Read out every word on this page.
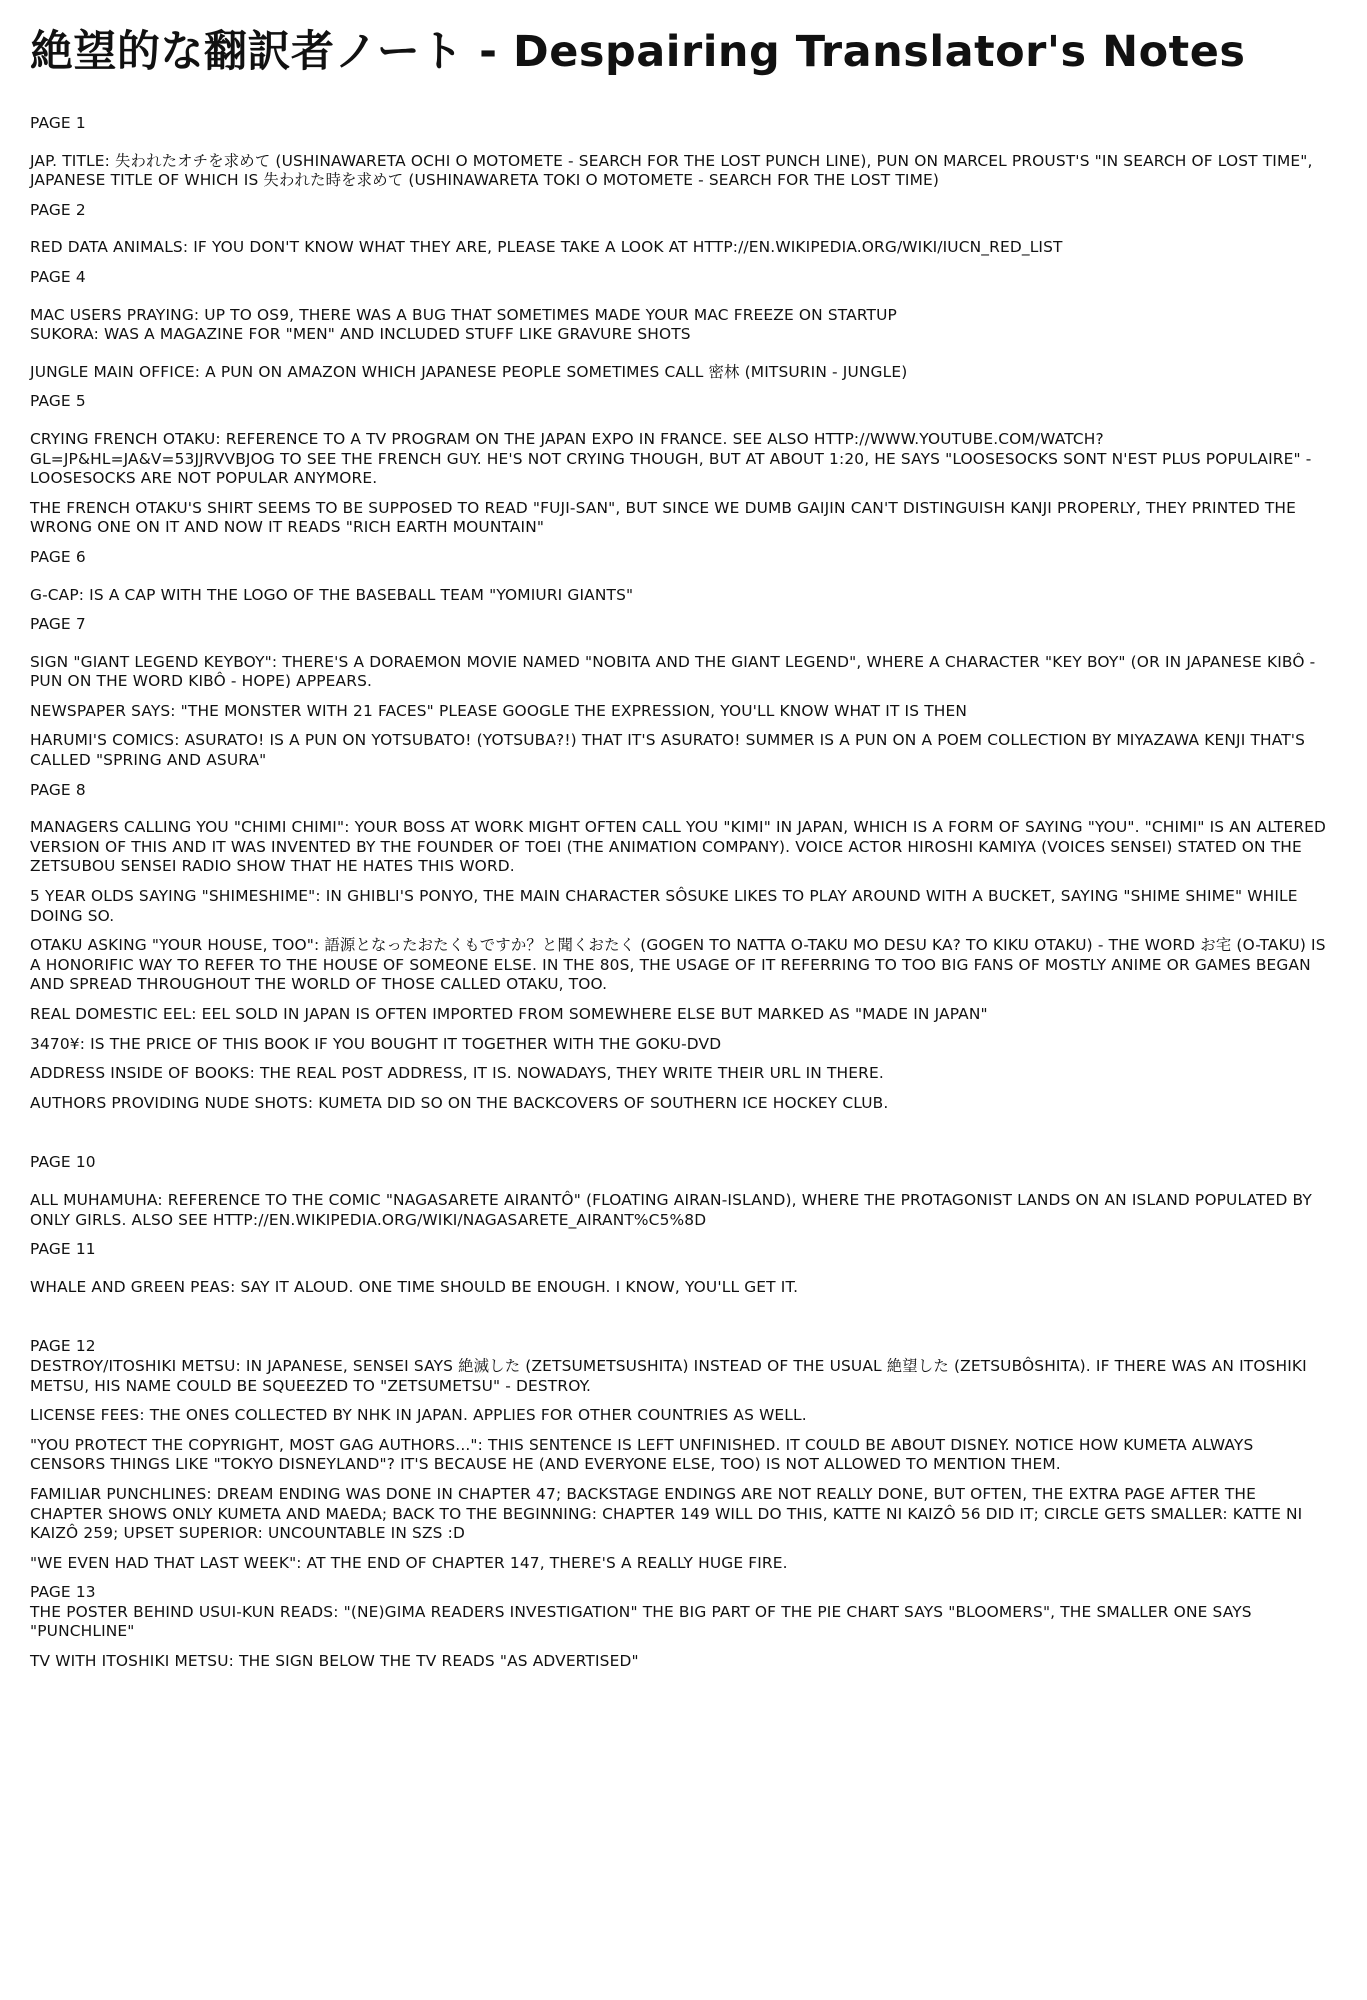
絶望的な翻訳者ノート - Despairing Translator's Notes

PAGE 1

JAP. TITLE: 失われたオチを求めて (USHINAWARETA OCHI O MOTOMETE - SEARCH FOR THE LOST PUNCH LINE), PUN ON MARCEL PROUST'S "IN SEARCH OF LOST TIME", JAPANESE TITLE OF WHICH IS 失われた時を求めて (USHINAWARETA TOKI O MOTOMETE - SEARCH FOR THE LOST TIME)

PAGE 2

RED DATA ANIMALS: IF YOU DON'T KNOW WHAT THEY ARE, PLEASE TAKE A LOOK AT HTTP://EN.WIKIPEDIA.ORG/WIKI/IUCN_RED_LIST

PAGE 4

MAC USERS PRAYING: UP TO OS9, THERE WAS A BUG THAT SOMETIMES MADE YOUR MAC FREEZE ON STARTUP

SUKORA: WAS A MAGAZINE FOR "MEN" AND INCLUDED STUFF LIKE GRAVURE SHOTS

JUNGLE MAIN OFFICE: A PUN ON AMAZON WHICH JAPANESE PEOPLE SOMETIMES CALL 密林 (MITSURIN - JUNGLE)

PAGE 5

CRYING FRENCH OTAKU: REFERENCE TO A TV PROGRAM ON THE JAPAN EXPO IN FRANCE. SEE ALSO HTTP://WWW.YOUTUBE.COM/WATCH?GL=JP&HL=JA&V=53JJRVVBJOG TO SEE THE FRENCH GUY. HE'S NOT CRYING THOUGH, BUT AT ABOUT 1:20, HE SAYS "LOOSESOCKS SONT N'EST PLUS POPULAIRE" - LOOSESOCKS ARE NOT POPULAR ANYMORE.

THE FRENCH OTAKU'S SHIRT SEEMS TO BE SUPPOSED TO READ "FUJI-SAN", BUT SINCE WE DUMB GAIJIN CAN'T DISTINGUISH KANJI PROPERLY, THEY PRINTED THE WRONG ONE ON IT AND NOW IT READS "RICH EARTH MOUNTAIN"

PAGE 6

G-CAP: IS A CAP WITH THE LOGO OF THE BASEBALL TEAM "YOMIURI GIANTS"

PAGE 7

SIGN "GIANT LEGEND KEYBOY": THERE'S A DORAEMON MOVIE NAMED "NOBITA AND THE GIANT LEGEND", WHERE A CHARACTER "KEY BOY" (OR IN JAPANESE KIBÔ - PUN ON THE WORD KIBÔ - HOPE) APPEARS.

NEWSPAPER SAYS: "THE MONSTER WITH 21 FACES" PLEASE GOOGLE THE EXPRESSION, YOU'LL KNOW WHAT IT IS THEN

HARUMI'S COMICS: ASURATO! IS A PUN ON YOTSUBATO! (YOTSUBA?!) THAT IT'S ASURATO! SUMMER IS A PUN ON A POEM COLLECTION BY MIYAZAWA KENJI THAT'S CALLED "SPRING AND ASURA"

PAGE 8

MANAGERS CALLING YOU "CHIMI CHIMI": YOUR BOSS AT WORK MIGHT OFTEN CALL YOU "KIMI" IN JAPAN, WHICH IS A FORM OF SAYING "YOU". "CHIMI" IS AN ALTERED VERSION OF THIS AND IT WAS INVENTED BY THE FOUNDER OF TOEI (THE ANIMATION COMPANY). VOICE ACTOR HIROSHI KAMIYA (VOICES SENSEI) STATED ON THE ZETSUBOU SENSEI RADIO SHOW THAT HE HATES THIS WORD.

5 YEAR OLDS SAYING "SHIMESHIME": IN GHIBLI'S PONYO, THE MAIN CHARACTER SÔSUKE LIKES TO PLAY AROUND WITH A BUCKET, SAYING "SHIME SHIME" WHILE DOING SO.

OTAKU ASKING "YOUR HOUSE, TOO": 語源となったおたくもですか？と聞くおたく (GOGEN TO NATTA O-TAKU MO DESU KA? TO KIKU OTAKU) - THE WORD お宅 (O-TAKU) IS A HONORIFIC WAY TO REFER TO THE HOUSE OF SOMEONE ELSE. IN THE 80S, THE USAGE OF IT REFERRING TO TOO BIG FANS OF MOSTLY ANIME OR GAMES BEGAN AND SPREAD THROUGHOUT THE WORLD OF THOSE CALLED OTAKU, TOO.

REAL DOMESTIC EEL: EEL SOLD IN JAPAN IS OFTEN IMPORTED FROM SOMEWHERE ELSE BUT MARKED AS "MADE IN JAPAN"

3470¥: IS THE PRICE OF THIS BOOK IF YOU BOUGHT IT TOGETHER WITH THE GOKU-DVD

ADDRESS INSIDE OF BOOKS: THE REAL POST ADDRESS, IT IS. NOWADAYS, THEY WRITE THEIR URL IN THERE.

AUTHORS PROVIDING NUDE SHOTS: KUMETA DID SO ON THE BACKCOVERS OF SOUTHERN ICE HOCKEY CLUB.

PAGE 10

ALL MUHAMUHA: REFERENCE TO THE COMIC "NAGASARETE AIRANTÔ" (FLOATING AIRAN-ISLAND), WHERE THE PROTAGONIST LANDS ON AN ISLAND POPULATED BY ONLY GIRLS. ALSO SEE HTTP://EN.WIKIPEDIA.ORG/WIKI/NAGASARETE_AIRANT%C5%8D

PAGE 11

WHALE AND GREEN PEAS: SAY IT ALOUD. ONE TIME SHOULD BE ENOUGH. I KNOW, YOU'LL GET IT.

PAGE 12

DESTROY/ITOSHIKI METSU: IN JAPANESE, SENSEI SAYS 絶滅した (ZETSUMETSUSHITA) INSTEAD OF THE USUAL 絶望した (ZETSUBÔSHITA). IF THERE WAS AN ITOSHIKI METSU, HIS NAME COULD BE SQUEEZED TO "ZETSUMETSU" - DESTROY.

LICENSE FEES: THE ONES COLLECTED BY NHK IN JAPAN. APPLIES FOR OTHER COUNTRIES AS WELL.

"YOU PROTECT THE COPYRIGHT, MOST GAG AUTHORS...": THIS SENTENCE IS LEFT UNFINISHED. IT COULD BE ABOUT DISNEY. NOTICE HOW KUMETA ALWAYS CENSORS THINGS LIKE "TOKYO DISNEYLAND"? IT'S BECAUSE HE (AND EVERYONE ELSE, TOO) IS NOT ALLOWED TO MENTION THEM.

FAMILIAR PUNCHLINES: DREAM ENDING WAS DONE IN CHAPTER 47; BACKSTAGE ENDINGS ARE NOT REALLY DONE, BUT OFTEN, THE EXTRA PAGE AFTER THE CHAPTER SHOWS ONLY KUMETA AND MAEDA; BACK TO THE BEGINNING: CHAPTER 149 WILL DO THIS, KATTE NI KAIZÔ 56 DID IT; CIRCLE GETS SMALLER: KATTE NI KAIZÔ 259; UPSET SUPERIOR: UNCOUNTABLE IN SZS :D

"WE EVEN HAD THAT LAST WEEK": AT THE END OF CHAPTER 147, THERE'S A REALLY HUGE FIRE.

PAGE 13

THE POSTER BEHIND USUI-KUN READS: "(NE)GIMA READERS INVESTIGATION" THE BIG PART OF THE PIE CHART SAYS "BLOOMERS", THE SMALLER ONE SAYS "PUNCHLINE"

TV WITH ITOSHIKI METSU: THE SIGN BELOW THE TV READS "AS ADVERTISED"
